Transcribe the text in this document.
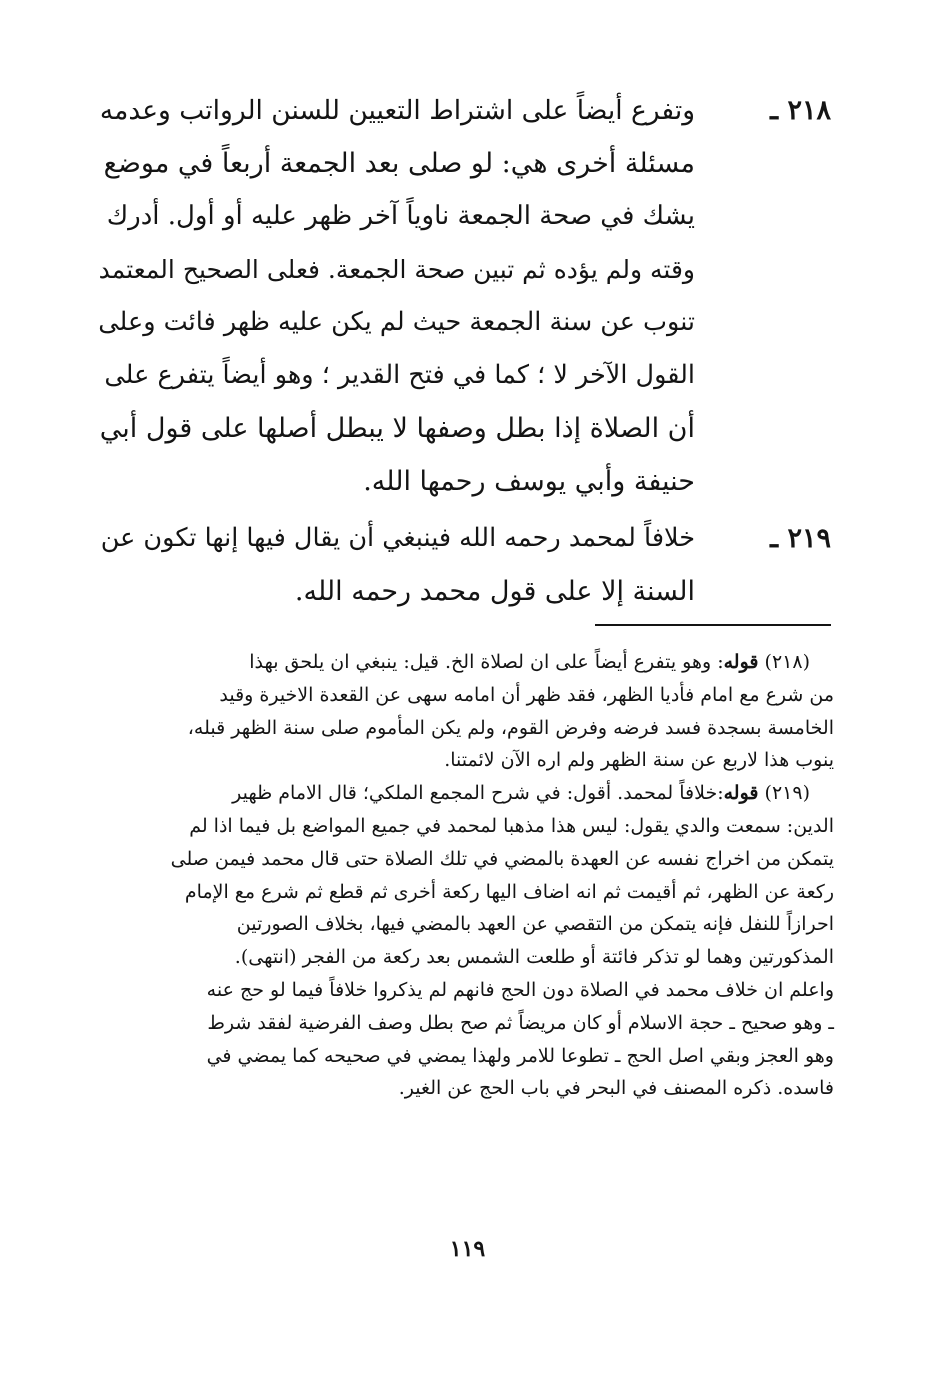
٢١٨ ـ

وتفرع أيضاً على اشتراط التعيين للسنن الرواتب وعدمه

مسئلة أخرى هي: لو صلى بعد الجمعة أربعاً في موضع

يشك في صحة الجمعة ناوياً آخر ظهر عليه أو أول. أدرك

وقته ولم يؤده ثم تبين صحة الجمعة. فعلى الصحيح المعتمد

تنوب عن سنة الجمعة حيث لم يكن عليه ظهر فائت وعلى

القول الآخر لا ؛ كما في فتح القدير ؛ وهو أيضاً يتفرع على

أن الصلاة إذا بطل وصفها لا يبطل أصلها على قول أبي

حنيفة وأبي يوسف رحمها الله.

٢١٩ ـ

خلافاً لمحمد رحمه الله فينبغي أن يقال فيها إنها تكون عن

السنة إلا على قول محمد رحمه الله.

(٢١٨) قوله: وهو يتفرع أيضاً على ان لصلاة الخ. قيل: ينبغي ان يلحق بهذا

من شرع مع امام فأديا الظهر، فقد ظهر أن امامه سهى عن القعدة الاخيرة وقيد

الخامسة بسجدة فسد فرضه وفرض القوم، ولم يكن المأموم صلى سنة الظهر قبله،

ينوب هذا لاربع عن سنة الظهر ولم اره الآن لائمتنا.

(٢١٩) قوله:خلافاً لمحمد. أقول: في شرح المجمع الملكي؛ قال الامام ظهير

الدين: سمعت والدي يقول: ليس هذا مذهبا لمحمد في جميع المواضع بل فيما اذا لم

يتمكن من اخراج نفسه عن العهدة بالمضي في تلك الصلاة حتى قال محمد فيمن صلى

ركعة عن الظهر، ثم أقيمت ثم انه اضاف اليها ركعة أخرى ثم قطع ثم شرع مع الإمام

احرازاً للنفل فإنه يتمكن من التقصي عن العهد بالمضي فيها، بخلاف الصورتين

المذكورتين وهما لو تذكر فائتة أو طلعت الشمس بعد ركعة من الفجر (انتهى).

واعلم ان خلاف محمد في الصلاة دون الحج فانهم لم يذكروا خلافاً فيما لو حج عنه

ـ وهو صحيح ـ حجة الاسلام أو كان مريضاً ثم صح بطل وصف الفرضية لفقد شرط

وهو العجز وبقي اصل الحج ـ تطوعا للامر ولهذا يمضي في صحيحه كما يمضي في

فاسده. ذكره المصنف في البحر في باب الحج عن الغير.

١١٩
